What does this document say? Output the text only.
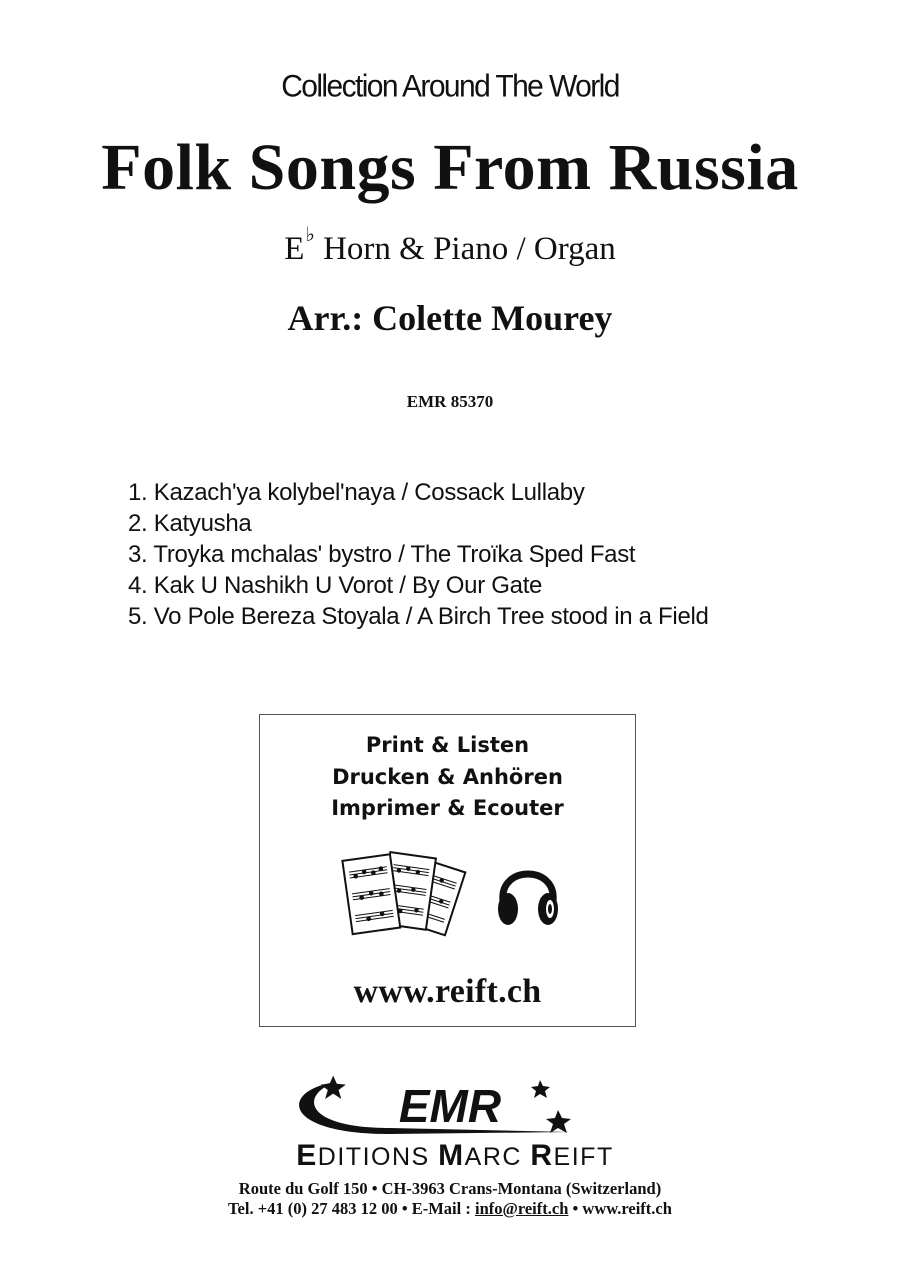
Collection Around The World
Folk Songs From Russia
E♭ Horn & Piano / Organ
Arr.: Colette Mourey
EMR 85370
1. Kazach'ya kolybel'naya / Cossack Lullaby
2. Katyusha
3. Troyka mchalas' bystro / The Troïka Sped Fast
4. Kak U Nashikh U Vorot / By Our Gate
5. Vo Pole Bereza Stoyala / A Birch Tree stood in a Field
Print & Listen
Drucken & Anhören
Imprimer & Ecouter
www.reift.ch
EMR
EDITIONS MARC REIFT
Route du Golf 150 • CH-3963 Crans-Montana (Switzerland)
Tel. +41 (0) 27 483 12 00 • E-Mail : info@reift.ch • www.reift.ch
